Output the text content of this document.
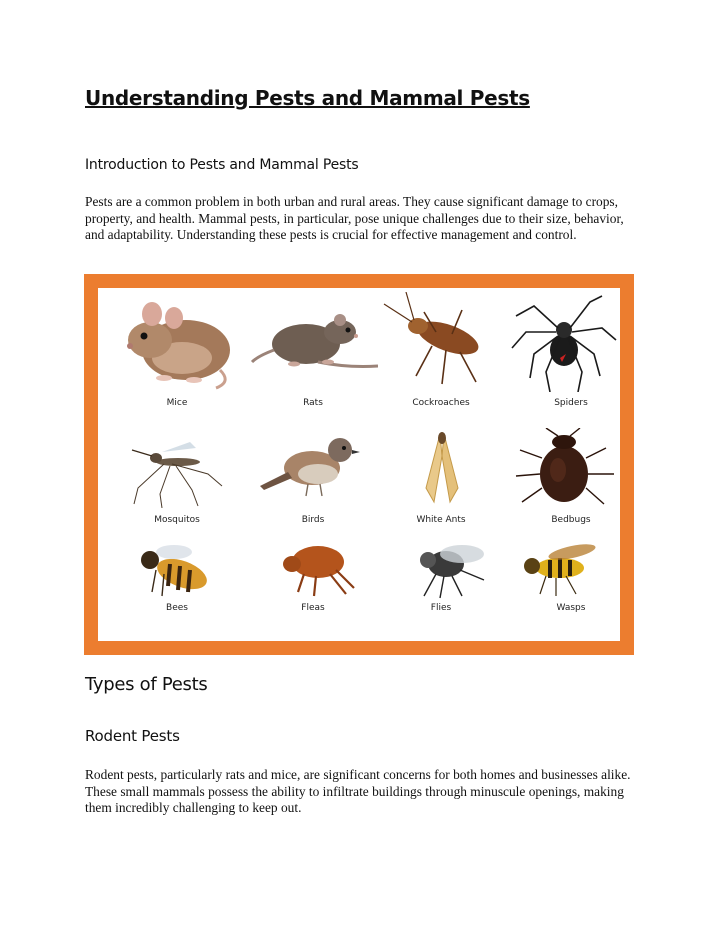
Understanding Pests and Mammal Pests
Introduction to Pests and Mammal Pests

Pests are a common problem in both urban and rural areas. They cause significant damage to crops, property, and health. Mammal pests, in particular, pose unique challenges due to their size, behavior, and adaptability. Understanding these pests is crucial for effective management and control.

Mice	Rats	Cockroaches	Spiders
Mosquitos	Birds	White Ants	Bedbugs
Bees	Fleas	Flies	Wasps
Types of Pests
Rodent Pests

Rodent pests, particularly rats and mice, are significant concerns for both homes and businesses alike. These small mammals possess the ability to infiltrate buildings through minuscule openings, making them incredibly challenging to keep out.
